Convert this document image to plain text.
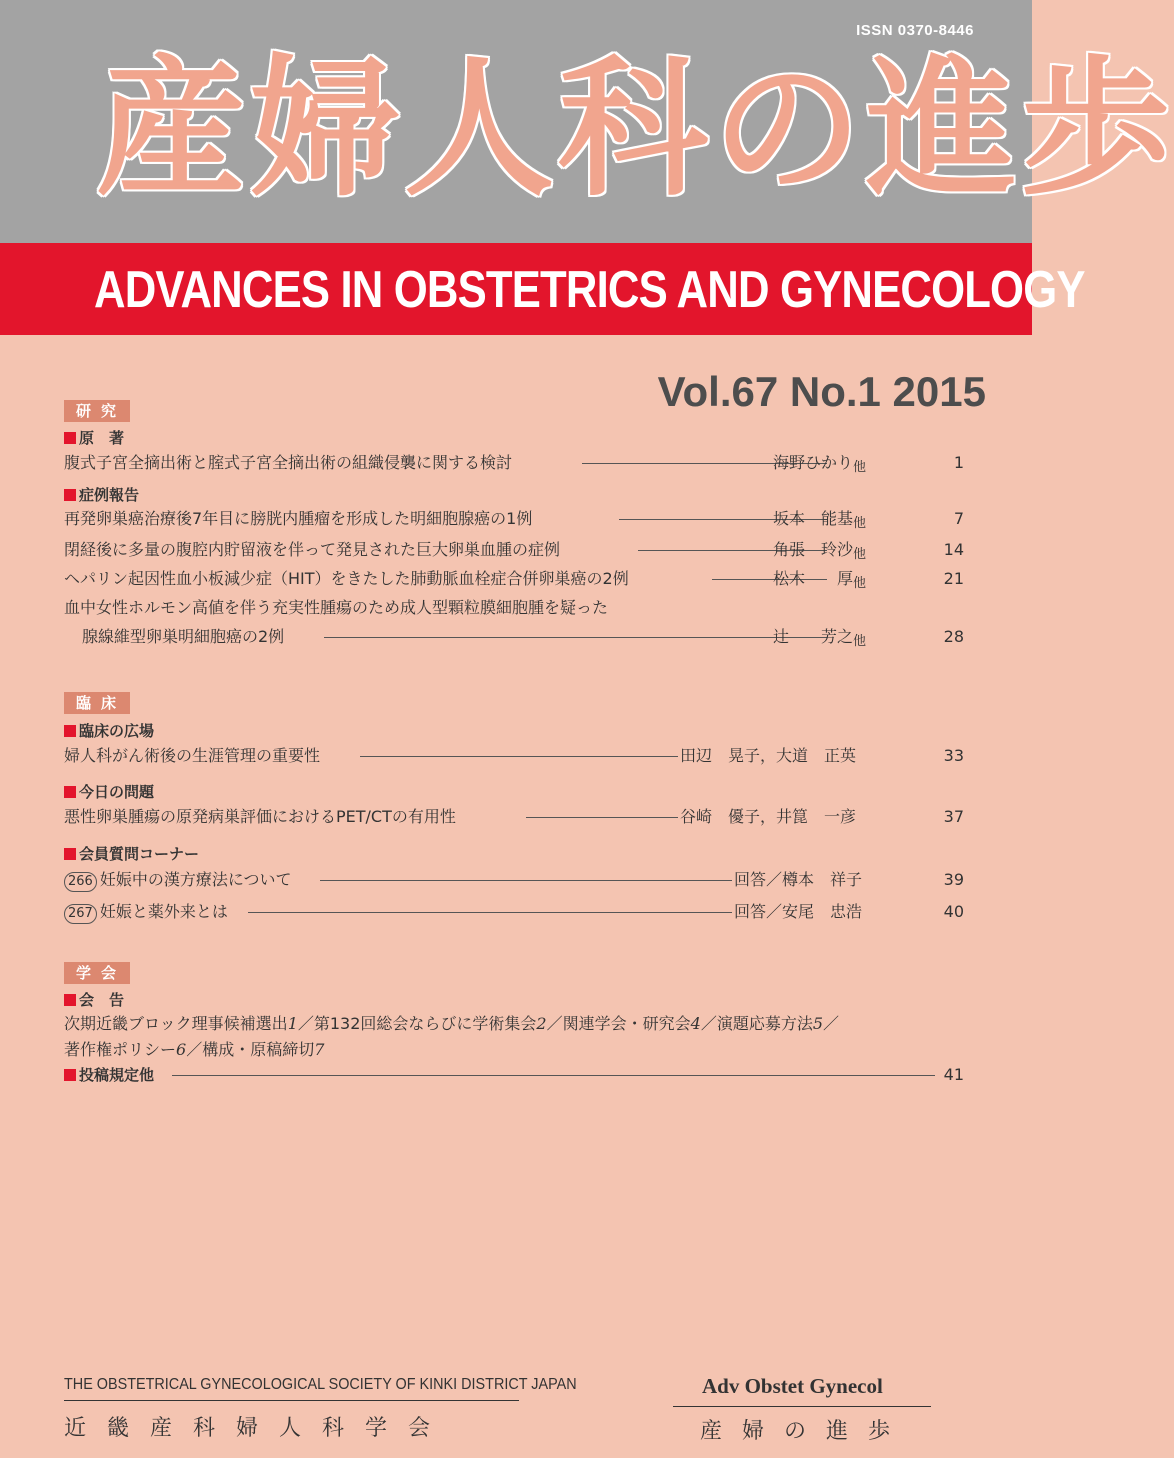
ISSN 0370-8446
産婦人科の進歩
ADVANCES IN OBSTETRICS AND GYNECOLOGY
Vol.67 No.1 2015
研究
原　著
腹式子宮全摘出術と腟式子宮全摘出術の組織侵襲に関する検討	海野ひかり他	1
症例報告
再発卵巣癌治療後7年目に膀胱内腫瘤を形成した明細胞腺癌の1例	坂本　能基他	7
閉経後に多量の腹腔内貯留液を伴って発見された巨大卵巣血腫の症例	角張　玲沙他	14
ヘパリン起因性血小板減少症（HIT）をきたした肺動脈血栓症合併卵巣癌の2例	松木　　厚他	21
血中女性ホルモン高値を伴う充実性腫瘍のため成人型顆粒膜細胞腫を疑った
腺線維型卵巣明細胞癌の2例	辻　　芳之他	28
臨床
臨床の広場
婦人科がん術後の生涯管理の重要性	田辺　晃子，大道　正英	33
今日の問題
悪性卵巣腫瘍の原発病巣評価におけるPET/CTの有用性	谷崎　優子，井箟　一彦	37
会員質問コーナー
266 妊娠中の漢方療法について	回答／樽本　祥子	39
267 妊娠と薬外来とは	回答／安尾　忠浩	40
学会
会　告
次期近畿ブロック理事候補選出1／第132回総会ならびに学術集会2／関連学会・研究会4／演題応募方法5／
著作権ポリシー6／構成・原稿締切7
投稿規定他	41
THE OBSTETRICAL GYNECOLOGICAL SOCIETY OF KINKI DISTRICT JAPAN
近畿産科婦人科学会
Adv Obstet Gynecol
産婦の進歩
